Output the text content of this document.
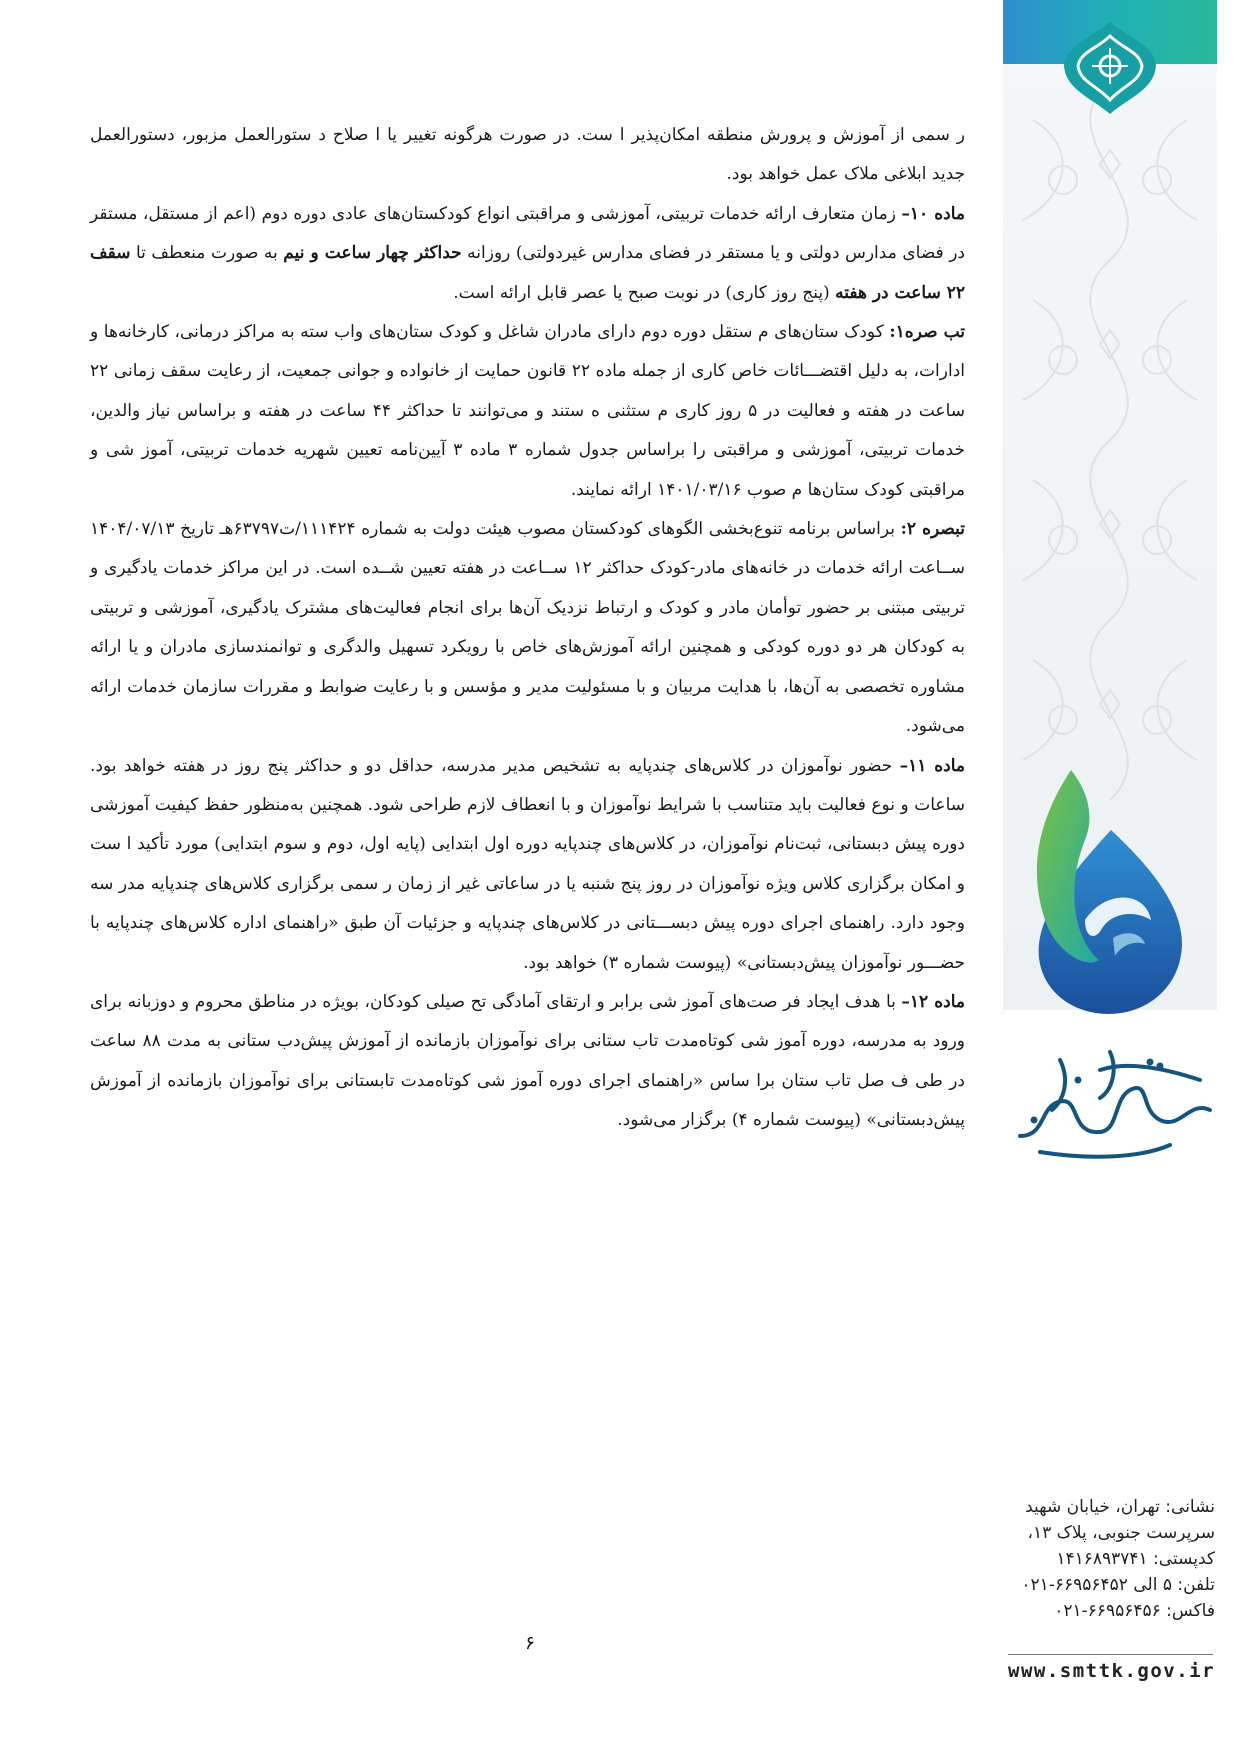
ر سمی از آموزش و پرورش منطقه امکان‌پذیر ا ست. در صورت هرگونه تغییر یا ا صلاح د ستورالعمل مزبور، دستورالعمل جدید ابلاغی ملاک عمل خواهد بود.

ماده ۱۰– زمان متعارف ارائه خدمات تربیتی، آموزشی و مراقبتی انواع کودکستان‌های عادی دوره دوم (اعم از مستقل، مستقر در فضای مدارس دولتی و یا مستقر در فضای مدارس غیردولتی) روزانه حداکثر چهار ساعت و نیم به صورت منعطف تا سقف ۲۲ ساعت در هفته (پنج روز کاری) در نوبت صبح یا عصر قابل ارائه است.

تب صره۱: کودک ستان‌های م ستقل دوره دوم دارای مادران شاغل و کودک ستان‌های واب سته به مراکز درمانی، کارخانه‌ها و ادارات، به دلیل اقتضـــائات خاص کاری از جمله ماده ۲۲ قانون حمایت از خانواده و جوانی جمعیت، از رعایت سقف زمانی ۲۲ ساعت در هفته و فعالیت در ۵ روز کاری م ستثنی ه ستند و می‌توانند تا حداکثر ۴۴ ساعت در هفته و براساس نیاز والدین، خدمات تربیتی، آموزشی و مراقبتی را براساس جدول شماره ۳ ماده ۳ آیین‌نامه تعیین شهریه خدمات تربیتی، آموز شی و مراقبتی کودک ستان‌ها م صوب ۱۴۰۱/۰۳/۱۶ ارائه نمایند.

تبصره ۲: براساس برنامه تنوع‌بخشی الگوهای کودکستان مصوب هیئت دولت به شماره ۱۱۱۴۲۴/ت۶۳۷۹۷هـ تاریخ ۱۴۰۴/۰۷/۱۳ ســاعت ارائه خدمات در خانه‌های مادر-کودک حداکثر ۱۲ ســاعت در هفته تعیین شــده است. در این مراکز خدمات یادگیری و تربیتی مبتنی بر حضور توأمان مادر و کودک و ارتباط نزدیک آن‌ها برای انجام فعالیت‌های مشترک یادگیری، آموزشی و تربیتی به کودکان هر دو دوره کودکی و همچنین ارائه آموزش‌های خاص با رویکرد تسهیل والدگری و توانمندسازی مادران و یا ارائه مشاوره تخصصی به آن‌ها، با هدایت مربیان و با مسئولیت مدیر و مؤسس و با رعایت ضوابط و مقررات سازمان خدمات ارائه می‌شود.

ماده ۱۱– حضور نوآموزان در کلاس‌های چندپایه به تشخیص مدیر مدرسه، حداقل دو و حداکثر پنج روز در هفته خواهد بود. ساعات و نوع فعالیت باید متناسب با شرایط نوآموزان و با انعطاف لازم طراحی شود. همچنین به‌منظور حفظ کیفیت آموزشی دوره پیش دبستانی، ثبت‌نام نوآموزان، در کلاس‌های چندپایه دوره اول ابتدایی (پایه اول، دوم و سوم ابتدایی) مورد تأکید ا ست و امکان برگزاری کلاس ویژه نوآموزان در روز پنج شنبه یا در ساعاتی غیر از زمان ر سمی برگزاری کلاس‌های چندپایه مدر سه وجود دارد. راهنمای اجرای دوره پیش دبســـتانی در کلاس‌های چندپایه و جزئیات آن طبق «راهنمای اداره کلاس‌های چندپایه با حضـــور نوآموزان پیش‌دبستانی» (پیوست شماره ۳) خواهد بود.

ماده ۱۲– با هدف ایجاد فر صت‌های آموز شی برابر و ارتقای آمادگی تح صیلی کودکان، بویژه در مناطق محروم و دوزبانه برای ورود به مدرسه، دوره آموز شی کوتاه‌مدت تاب ستانی برای نوآموزان بازمانده از آموزش پیش‌دب ستانی به مدت ۸۸ ساعت در طی ف صل تاب ستان برا ساس «راهنمای اجرای دوره آموز شی کوتاه‌مدت تابستانی برای نوآموزان بازمانده از آموزش پیش‌دبستانی» (پیوست شماره ۴) برگزار می‌شود.

۶
نشانی: تهران، خیابان شهید
سرپرست جنوبی، پلاک ۱۳،
کدپستی: ۱۴۱۶۸۹۳۷۴۱
تلفن: ۵ الی ۶۶۹۵۶۴۵۲-۰۲۱
فاکس: ۶۶۹۵۶۴۵۶-۰۲۱
www.smttk.gov.ir
